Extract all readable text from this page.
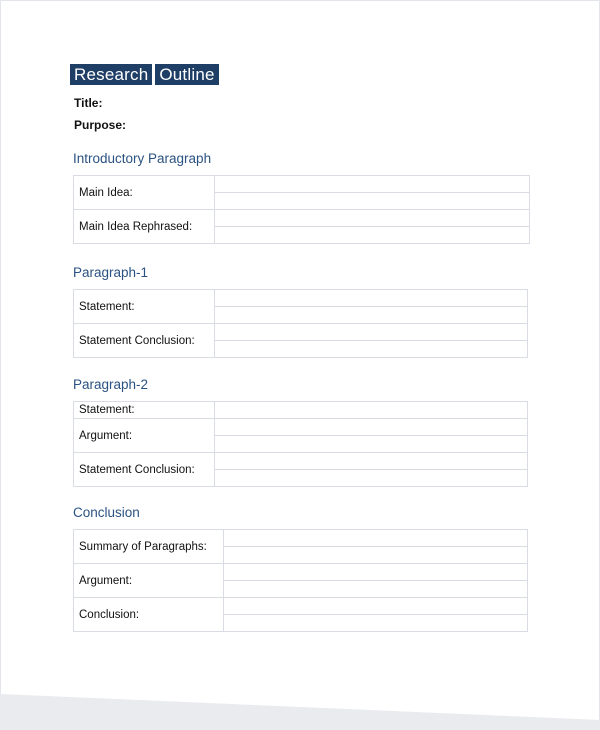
Research Outline
Title:
Purpose:
Introductory Paragraph
Main Idea:	

Main Idea Rephrased:	

Paragraph-1
Statement:	

Statement Conclusion:	

Paragraph-2
Statement:	
Argument:	

Statement Conclusion:	

Conclusion
Summary of Paragraphs:	

Argument:	

Conclusion:	
